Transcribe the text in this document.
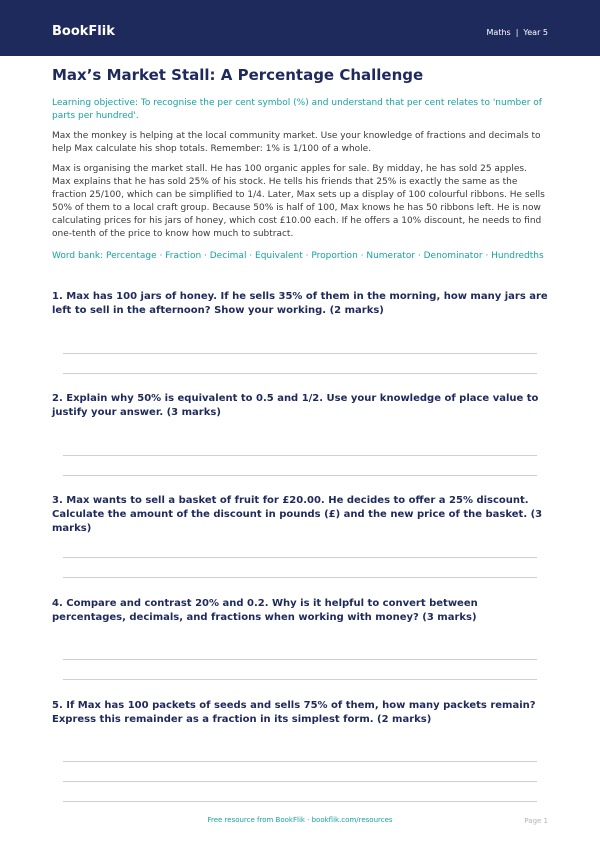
BookFlik	Maths | Year 5
Max’s Market Stall: A Percentage Challenge
Learning objective: To recognise the per cent symbol (%) and understand that per cent relates to 'number of parts per hundred'.
Max the monkey is helping at the local community market. Use your knowledge of fractions and decimals to help Max calculate his shop totals. Remember: 1% is 1/100 of a whole.
Max is organising the market stall. He has 100 organic apples for sale. By midday, he has sold 25 apples. Max explains that he has sold 25% of his stock. He tells his friends that 25% is exactly the same as the fraction 25/100, which can be simplified to 1/4. Later, Max sets up a display of 100 colourful ribbons. He sells 50% of them to a local craft group. Because 50% is half of 100, Max knows he has 50 ribbons left. He is now calculating prices for his jars of honey, which cost £10.00 each. If he offers a 10% discount, he needs to find one-tenth of the price to know how much to subtract.
Word bank: Percentage · Fraction · Decimal · Equivalent · Proportion · Numerator · Denominator · Hundredths
1. Max has 100 jars of honey. If he sells 35% of them in the morning, how many jars are left to sell in the afternoon? Show your working. (2 marks)
2. Explain why 50% is equivalent to 0.5 and 1/2. Use your knowledge of place value to justify your answer. (3 marks)
3. Max wants to sell a basket of fruit for £20.00. He decides to offer a 25% discount. Calculate the amount of the discount in pounds (£) and the new price of the basket. (3 marks)
4. Compare and contrast 20% and 0.2. Why is it helpful to convert between percentages, decimals, and fractions when working with money? (3 marks)
5. If Max has 100 packets of seeds and sells 75% of them, how many packets remain? Express this remainder as a fraction in its simplest form. (2 marks)
Free resource from BookFlik · bookflik.com/resources	Page 1
